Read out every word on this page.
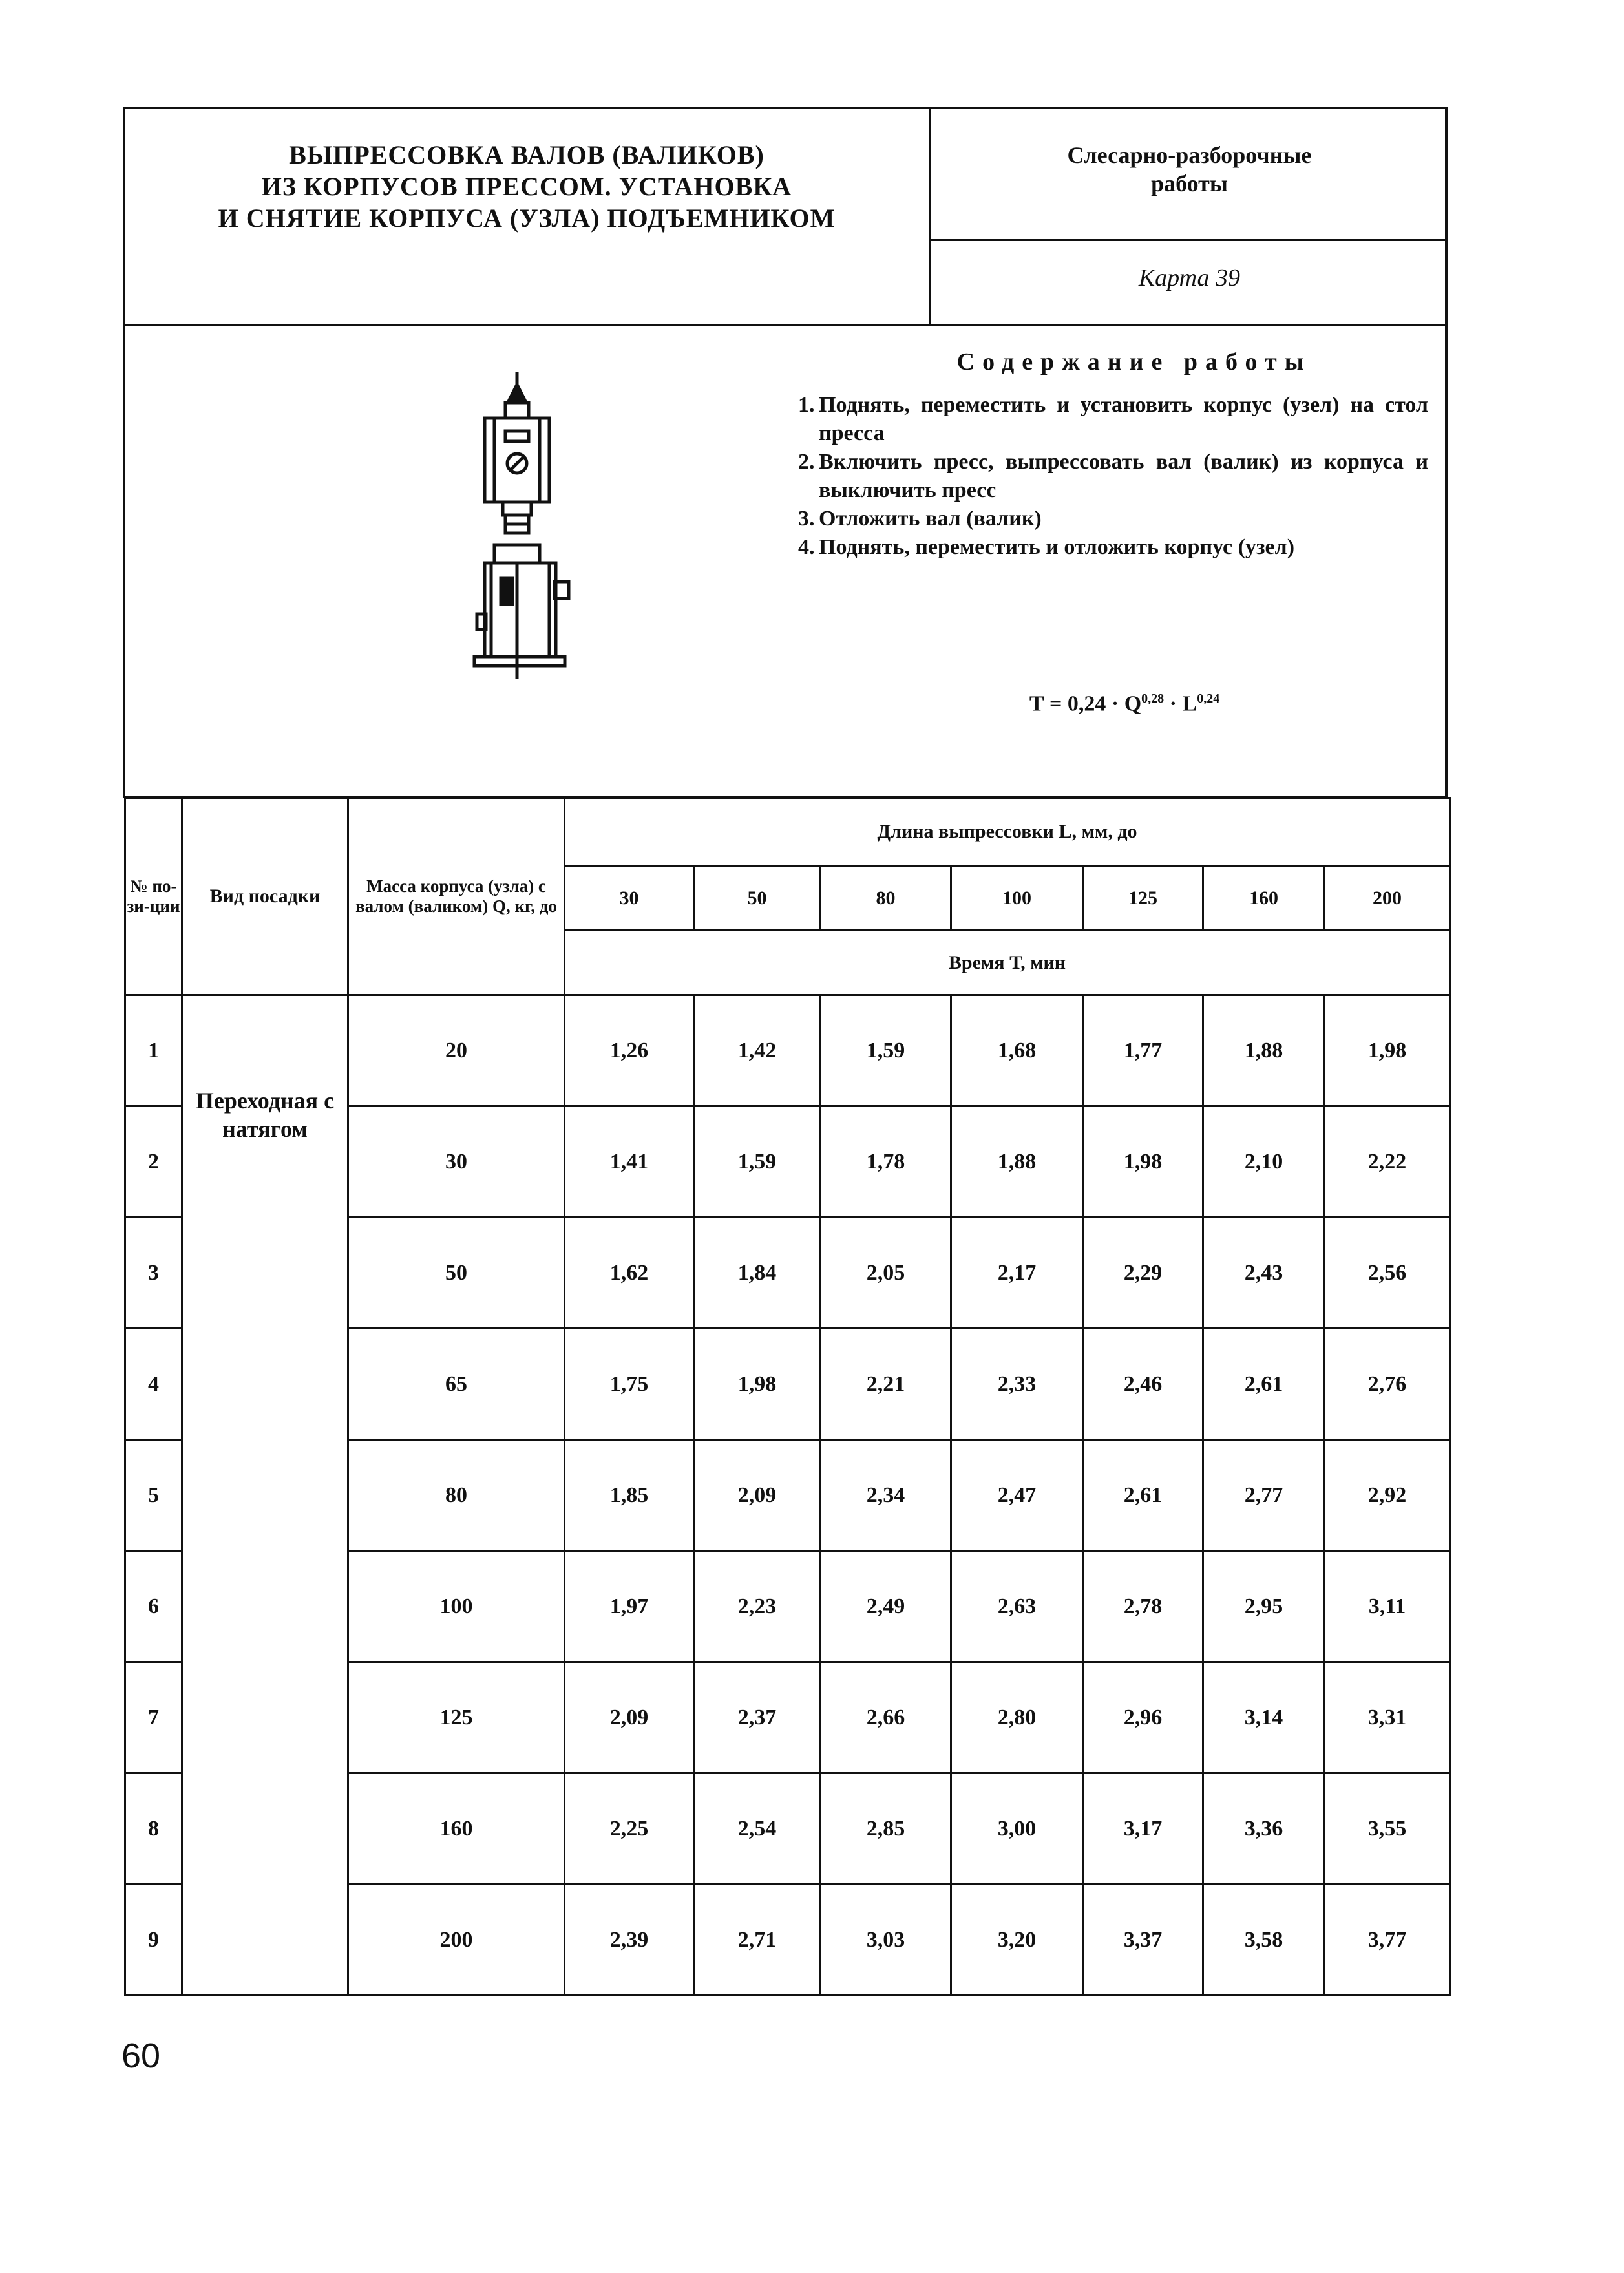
ВЫПРЕССОВКА ВАЛОВ (ВАЛИКОВ)
ИЗ КОРПУСОВ ПРЕССОМ. УСТАНОВКА
И СНЯТИЕ КОРПУСА (УЗЛА) ПОДЪЕМНИКОМ
Слесарно-разборочные
работы
Карта 39
Содержание работы
1. Поднять, переместить и установить корпус (узел) на стол пресса
2. Включить пресс, выпрессовать вал (валик) из корпуса и выключить пресс
3. Отложить вал (валик)
4. Поднять, переместить и отложить корпус (узел)
Т = 0,24 · Q$^{0,28}$ · L$^{0,24}$
№ по-зи-ции	Вид посадки	Масса корпуса (узла) с валом (валиком) Q, кг, до	Длина выпрессовки L, мм, до						
			30	50	80	100	125	160	200
			Время Т, мин						
1	Переходная с натягом	20	1,26	1,42	1,59	1,68	1,77	1,88	1,98
2		30	1,41	1,59	1,78	1,88	1,98	2,10	2,22
3		50	1,62	1,84	2,05	2,17	2,29	2,43	2,56
4		65	1,75	1,98	2,21	2,33	2,46	2,61	2,76
5		80	1,85	2,09	2,34	2,47	2,61	2,77	2,92
6		100	1,97	2,23	2,49	2,63	2,78	2,95	3,11
7		125	2,09	2,37	2,66	2,80	2,96	3,14	3,31
8		160	2,25	2,54	2,85	3,00	3,17	3,36	3,55
9		200	2,39	2,71	3,03	3,20	3,37	3,58	3,77
60
